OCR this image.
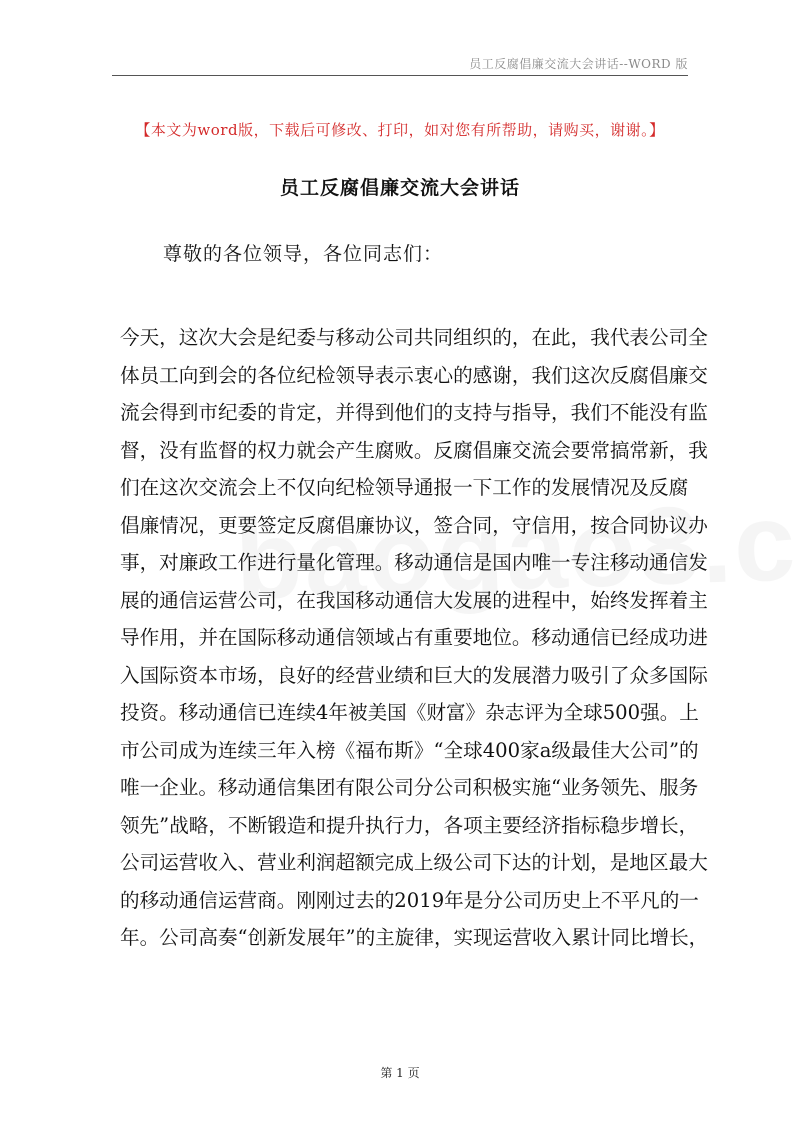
员工反腐倡廉交流大会讲话--WORD 版
【本文为word版，下载后可修改、打印，如对您有所帮助，请购买，谢谢。】
员工反腐倡廉交流大会讲话
尊敬的各位领导，各位同志们：
今天，这次大会是纪委与移动公司共同组织的，在此，我代表公司全
体员工向到会的各位纪检领导表示衷心的感谢，我们这次反腐倡廉交
流会得到市纪委的肯定，并得到他们的支持与指导，我们不能没有监
督，没有监督的权力就会产生腐败。反腐倡廉交流会要常搞常新，我
们在这次交流会上不仅向纪检领导通报一下工作的发展情况及反腐
倡廉情况，更要签定反腐倡廉协议，签合同，守信用，按合同协议办
事，对廉政工作进行量化管理。移动通信是国内唯一专注移动通信发
展的通信运营公司，在我国移动通信大发展的进程中，始终发挥着主
导作用，并在国际移动通信领域占有重要地位。移动通信已经成功进
入国际资本市场，良好的经营业绩和巨大的发展潜力吸引了众多国际
投资。移动通信已连续4年被美国《财富》杂志评为全球500强。上
市公司成为连续三年入榜《福布斯》“全球400家a级最佳大公司”的
唯一企业。移动通信集团有限公司分公司积极实施“业务领先、服务
领先”战略，不断锻造和提升执行力，各项主要经济指标稳步增长，
公司运营收入、营业利润超额完成上级公司下达的计划，是地区最大
的移动通信运营商。刚刚过去的2019年是分公司历史上不平凡的一
年。公司高奏“创新发展年”的主旋律，实现运营收入累计同比增长，
第 1 页
